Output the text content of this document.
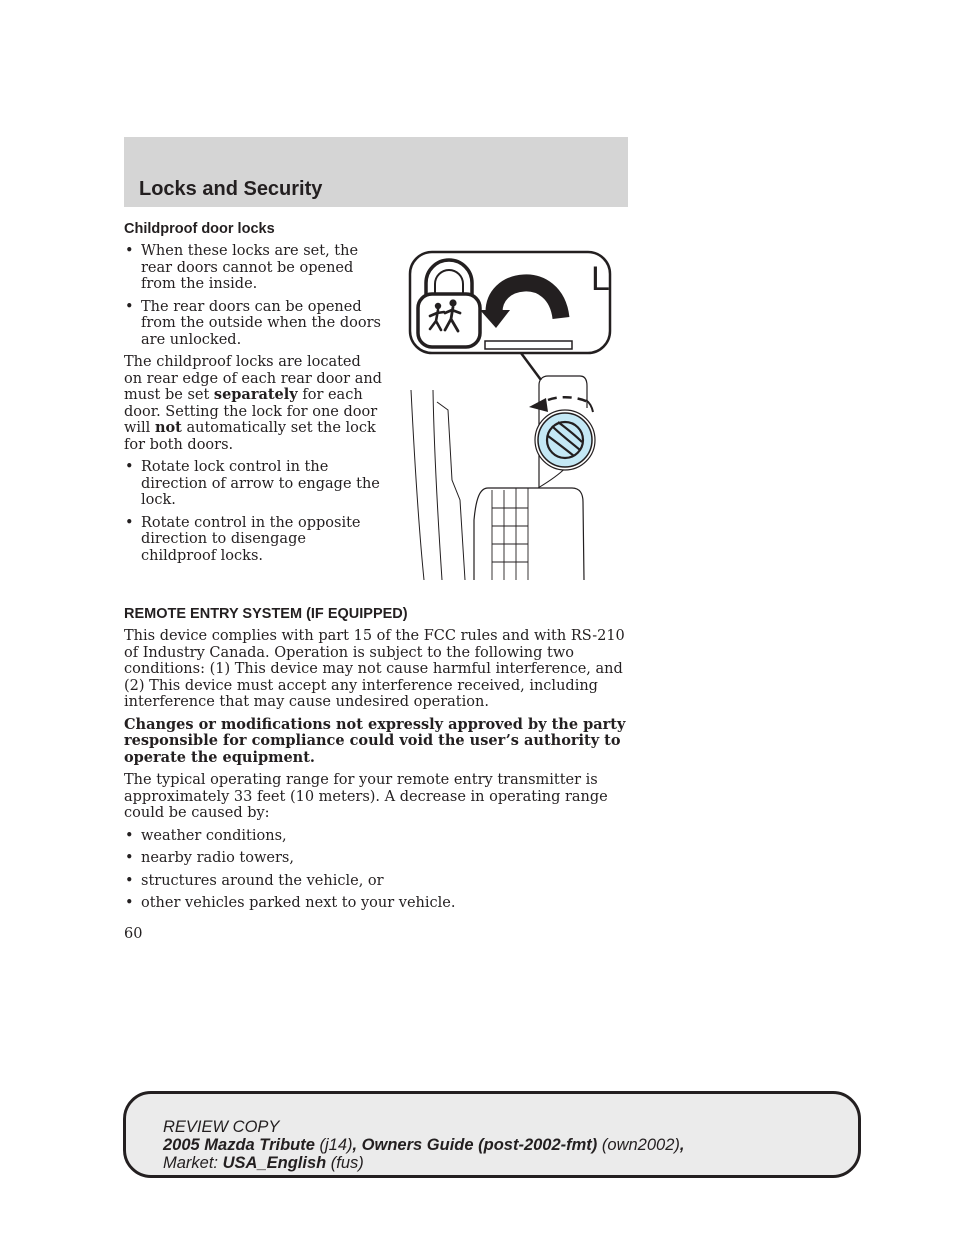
Locks and Security
Childproof door locks
• When these locks are set, the rear doors cannot be opened from the inside.
• The rear doors can be opened from the outside when the doors are unlocked.

The childproof locks are located on rear edge of each rear door and must be set separately for each door. Setting the lock for one door will not automatically set the lock for both doors.

• Rotate lock control in the direction of arrow to engage the lock.
• Rotate control in the opposite direction to disengage childproof locks.
L
REMOTE ENTRY SYSTEM (IF EQUIPPED)

This device complies with part 15 of the FCC rules and with RS-210 of Industry Canada. Operation is subject to the following two conditions: (1) This device may not cause harmful interference, and (2) This device must accept any interference received, including interference that may cause undesired operation.

Changes or modifications not expressly approved by the party responsible for compliance could void the user’s authority to operate the equipment.

The typical operating range for your remote entry transmitter is approximately 33 feet (10 meters). A decrease in operating range could be caused by:

• weather conditions,
• nearby radio towers,
• structures around the vehicle, or
• other vehicles parked next to your vehicle.
60
REVIEW COPY
2005 Mazda Tribute (j14), Owners Guide (post-2002-fmt) (own2002),
Market: USA_English (fus)
